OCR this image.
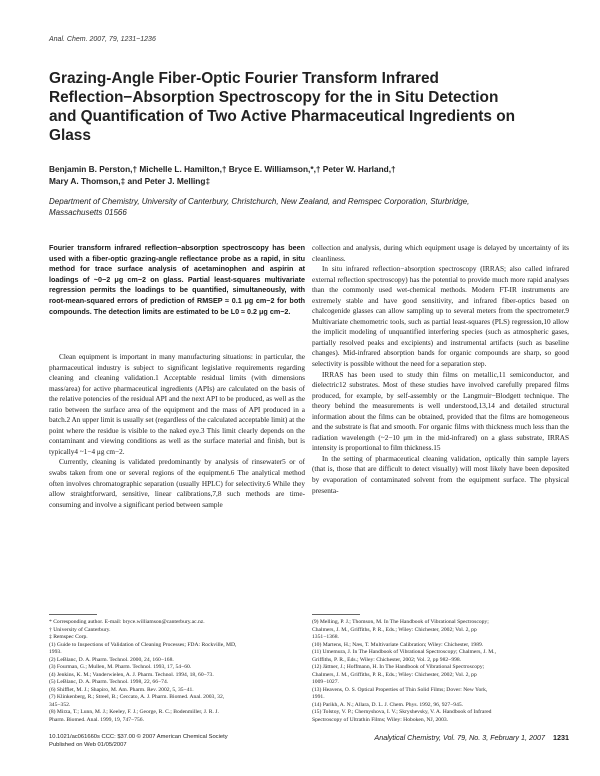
Anal. Chem. 2007, 79, 1231−1236
Grazing-Angle Fiber-Optic Fourier Transform Infrared Reflection−Absorption Spectroscopy for the in Situ Detection and Quantification of Two Active Pharmaceutical Ingredients on Glass
Benjamin B. Perston,† Michelle L. Hamilton,† Bryce E. Williamson,*,† Peter W. Harland,†
Mary A. Thomson,‡ and Peter J. Melling‡
Department of Chemistry, University of Canterbury, Christchurch, New Zealand, and Remspec Corporation, Sturbridge, Massachusetts 01566
Fourier transform infrared reflection−absorption spectroscopy has been used with a fiber-optic grazing-angle reflectance probe as a rapid, in situ method for trace surface analysis of acetaminophen and aspirin at loadings of ~0−2 μg cm−2 on glass. Partial least-squares multivariate regression permits the loadings to be quantified, simultaneously, with root-mean-squared errors of prediction of RMSEP ≈ 0.1 μg cm−2 for both compounds. The detection limits are estimated to be L0 ≈ 0.2 μg cm−2.

Clean equipment is important in many manufacturing situations: in particular, the pharmaceutical industry is subject to significant legislative requirements regarding cleaning and cleaning validation.1 Acceptable residual limits (with dimensions mass/area) for active pharmaceutical ingredients (APIs) are calculated on the basis of the relative potencies of the residual API and the next API to be produced, as well as the ratio between the surface area of the equipment and the mass of API produced in a batch.2 An upper limit is usually set (regardless of the calculated acceptable limit) at the point where the residue is visible to the naked eye.3 This limit clearly depends on the contaminant and viewing conditions as well as the surface material and finish, but is typically4 ~1−4 μg cm−2.

Currently, cleaning is validated predominantly by analysis of rinsewater5 or of swabs taken from one or several regions of the equipment.6 The analytical method often involves chromatographic separation (usually HPLC) for selectivity.6 While they allow straightforward, sensitive, linear calibrations,7,8 such methods are time-consuming and involve a significant period between sample

collection and analysis, during which equipment usage is delayed by uncertainty of its cleanliness.

In situ infrared reflection−absorption spectroscopy (IRRAS; also called infrared external reflection spectroscopy) has the potential to provide much more rapid analyses than the commonly used wet-chemical methods. Modern FT-IR instruments are extremely stable and have good sensitivity, and infrared fiber-optics based on chalcogenide glasses can allow sampling up to several meters from the spectrometer.9 Multivariate chemometric tools, such as partial least-squares (PLS) regression,10 allow the implicit modeling of unquantified interfering species (such as atmospheric gases, partially resolved peaks and excipients) and instrumental artifacts (such as baseline changes). Mid-infrared absorption bands for organic compounds are sharp, so good selectivity is possible without the need for a separation step.

IRRAS has been used to study thin films on metallic,11 semiconductor, and dielectric12 substrates. Most of these studies have involved carefully prepared films produced, for example, by self-assembly or the Langmuir−Blodgett technique. The theory behind the measurements is well understood,13,14 and detailed structural information about the films can be obtained, provided that the films are homogeneous and the substrate is flat and smooth. For organic films with thickness much less than the radiation wavelength (~2−10 μm in the mid-infrared) on a glass substrate, IRRAS intensity is proportional to film thickness.15

In the setting of pharmaceutical cleaning validation, optically thin sample layers (that is, those that are difficult to detect visually) will most likely have been deposited by evaporation of contaminated solvent from the equipment surface. The physical presenta-

* Corresponding author. E-mail: bryce.williamson@canterbury.ac.nz.
† University of Canterbury.
‡ Remspec Corp.
(1) Guide to Inspections of Validation of Cleaning Processes; FDA: Rockville, MD,
1993.
(2) LeBlanc, D. A. Pharm. Technol. 2000, 24, 160−168.
(3) Fourman, G.; Mullen, M. Pharm. Technol. 1993, 17, 54−60.
(4) Jenkins, K. M.; Vanderwielen, A. J. Pharm. Technol. 1994, 18, 60−73.
(5) LeBlanc, D. A. Pharm. Technol. 1998, 22, 66−74.
(6) Shifflet, M. J.; Shapiro, M. Am. Pharm. Rev. 2002, 5, 35−41.
(7) Klinkenberg, R.; Streel, B.; Ceccato, A. J. Pharm. Biomed. Anal. 2003, 32,
345−352.
(8) Mirza, T.; Lunn, M. J.; Keeley, F. J.; George, R. C.; Bodenmiller, J. R. J.
Pharm. Biomed. Anal. 1999, 19, 747−756.
(9) Melling, P. J.; Thomson, M. In The Handbook of Vibrational Spectroscopy;
Chalmers, J. M., Griffiths, P. R., Eds.; Wiley: Chichester, 2002; Vol. 2, pp
1351−1368.
(10) Martens, H.; Næs, T. Multivariate Calibration; Wiley: Chichester, 1989.
(11) Umemura, J. In The Handbook of Vibrational Spectroscopy; Chalmers, J. M.,
Griffiths, P. R., Eds.; Wiley: Chichester, 2002; Vol. 2, pp 982−998.
(12) Jättner, J.; Hoffmann, H. In The Handbook of Vibrational Spectroscopy;
Chalmers, J. M., Griffiths, P. R., Eds.; Wiley: Chichester, 2002; Vol. 2, pp
1009−1027.
(13) Heavens, O. S. Optical Properties of Thin Solid Films; Dover: New York,
1991.
(14) Parikh, A. N.; Allara, D. L. J. Chem. Phys. 1992, 96, 927−945.
(15) Tolstoy, V. P.; Chernyshova, I. V.; Skryshevsky, V. A. Handbook of Infrared
Spectroscopy of Ultrathin Films; Wiley: Hoboken, NJ, 2003.
10.1021/ac061660s CCC: $37.00 © 2007 American Chemical Society
Published on Web 01/05/2007
Analytical Chemistry, Vol. 79, No. 3, February 1, 2007 1231
